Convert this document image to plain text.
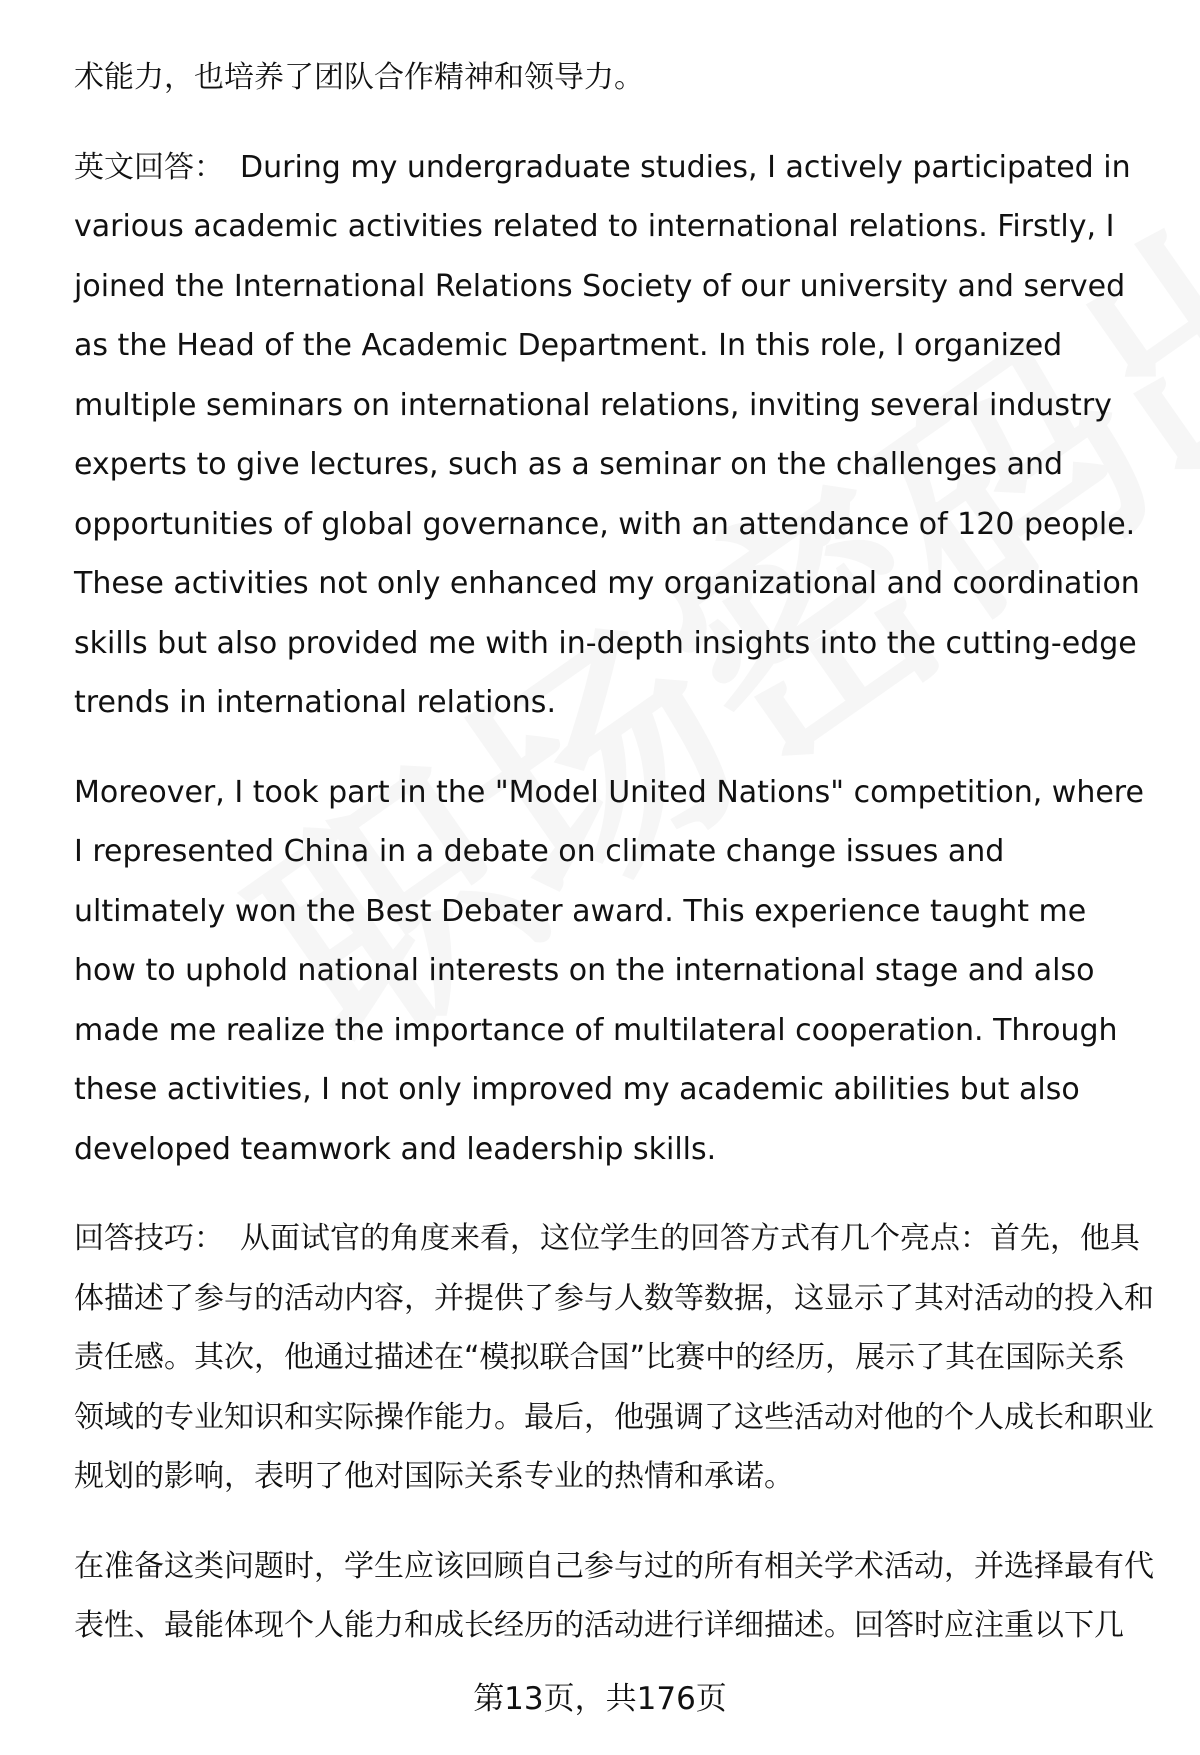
术能力，也培养了团队合作精神和领导力。

英文回答： During my undergraduate studies, I actively participated in various academic activities related to international relations. Firstly, I joined the International Relations Society of our university and served as the Head of the Academic Department. In this role, I organized multiple seminars on international relations, inviting several industry experts to give lectures, such as a seminar on the challenges and opportunities of global governance, with an attendance of 120 people. These activities not only enhanced my organizational and coordination skills but also provided me with in-depth insights into the cutting-edge trends in international relations.

Moreover, I took part in the "Model United Nations" competition, where I represented China in a debate on climate change issues and ultimately won the Best Debater award. This experience taught me how to uphold national interests on the international stage and also made me realize the importance of multilateral cooperation. Through these activities, I not only improved my academic abilities but also developed teamwork and leadership skills.

回答技巧： 从面试官的角度来看，这位学生的回答方式有几个亮点：首先，他具体描述了参与的活动内容，并提供了参与人数等数据，这显示了其对活动的投入和责任感。其次，他通过描述在“模拟联合国”比赛中的经历，展示了其在国际关系领域的专业知识和实际操作能力。最后，他强调了这些活动对他的个人成长和职业规划的影响，表明了他对国际关系专业的热情和承诺。

在准备这类问题时，学生应该回顾自己参与过的所有相关学术活动，并选择最有代表性、最能体现个人能力和成长经历的活动进行详细描述。回答时应注重以下几

第13页，共176页
